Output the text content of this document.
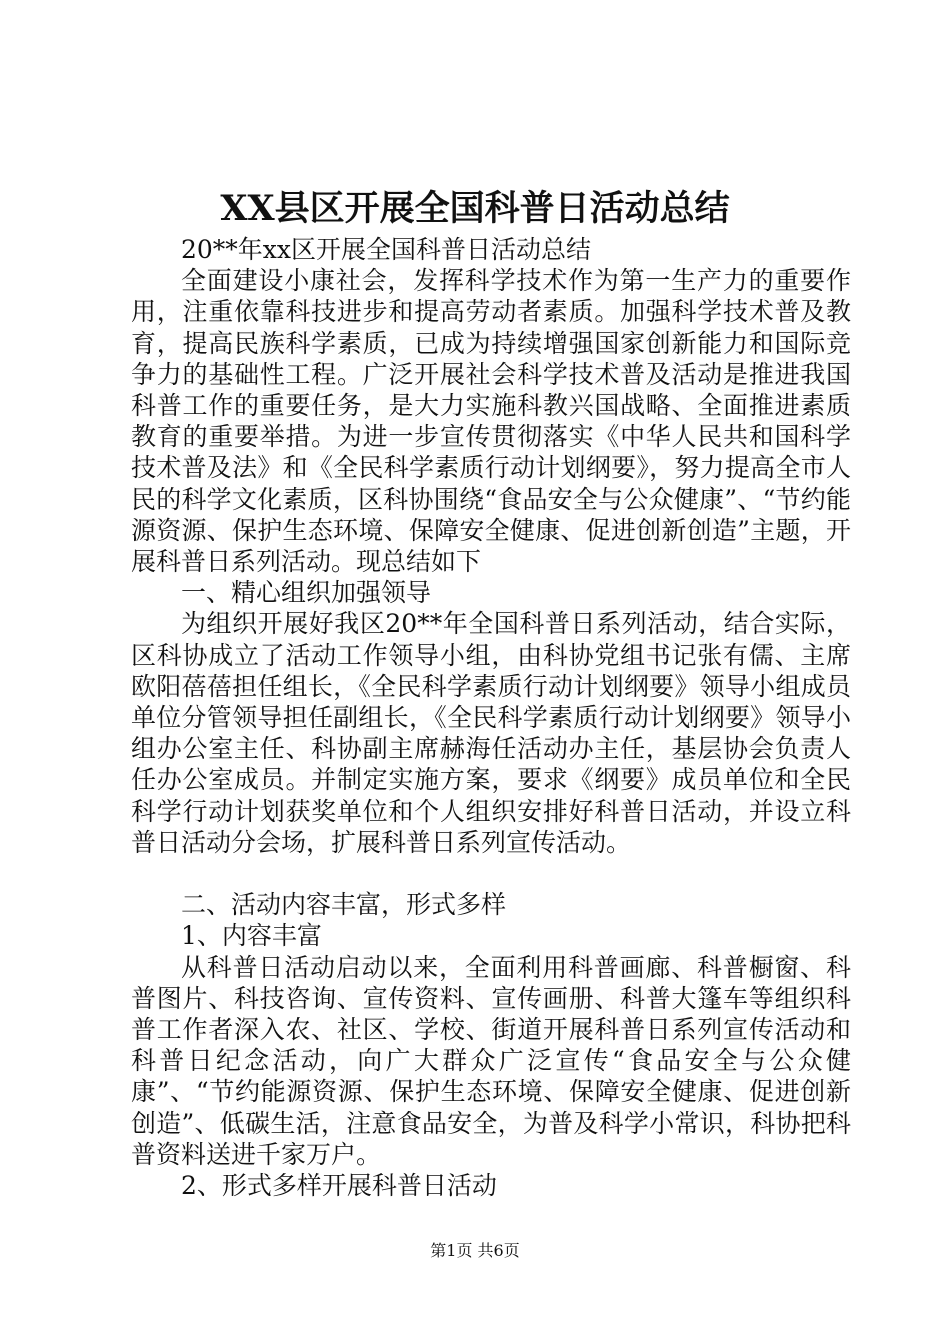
XX县区开展全国科普日活动总结

20**年xx区开展全国科普日活动总结

全面建设小康社会，发挥科学技术作为第一生产力的重要作用，注重依靠科技进步和提高劳动者素质。加强科学技术普及教育，提高民族科学素质，已成为持续增强国家创新能力和国际竞争力的基础性工程。广泛开展社会科学技术普及活动是推进我国科普工作的重要任务，是大力实施科教兴国战略、全面推进素质教育的重要举措。为进一步宣传贯彻落实《中华人民共和国科学技术普及法》和《全民科学素质行动计划纲要》，努力提高全市人民的科学文化素质，区科协围绕“食品安全与公众健康”、“节约能源资源、保护生态环境、保障安全健康、促进创新创造”主题，开展科普日系列活动。现总结如下

一、精心组织加强领导

为组织开展好我区20**年全国科普日系列活动，结合实际，区科协成立了活动工作领导小组，由科协党组书记张有儒、主席欧阳蓓蓓担任组长，《全民科学素质行动计划纲要》领导小组成员单位分管领导担任副组长，《全民科学素质行动计划纲要》领导小组办公室主任、科协副主席赫海任活动办主任，基层协会负责人任办公室成员。并制定实施方案，要求《纲要》成员单位和全民科学行动计划获奖单位和个人组织安排好科普日活动，并设立科普日活动分会场，扩展科普日系列宣传活动。

二、活动内容丰富，形式多样

1、内容丰富

从科普日活动启动以来，全面利用科普画廊、科普橱窗、科普图片、科技咨询、宣传资料、宣传画册、科普大篷车等组织科普工作者深入农、社区、学校、街道开展科普日系列宣传活动和科普日纪念活动，向广大群众广泛宣传“食品安全与公众健康”、“节约能源资源、保护生态环境、保障安全健康、促进创新创造”、低碳生活，注意食品安全，为普及科学小常识，科协把科普资料送进千家万户。

2、形式多样开展科普日活动

第1页 共6页
